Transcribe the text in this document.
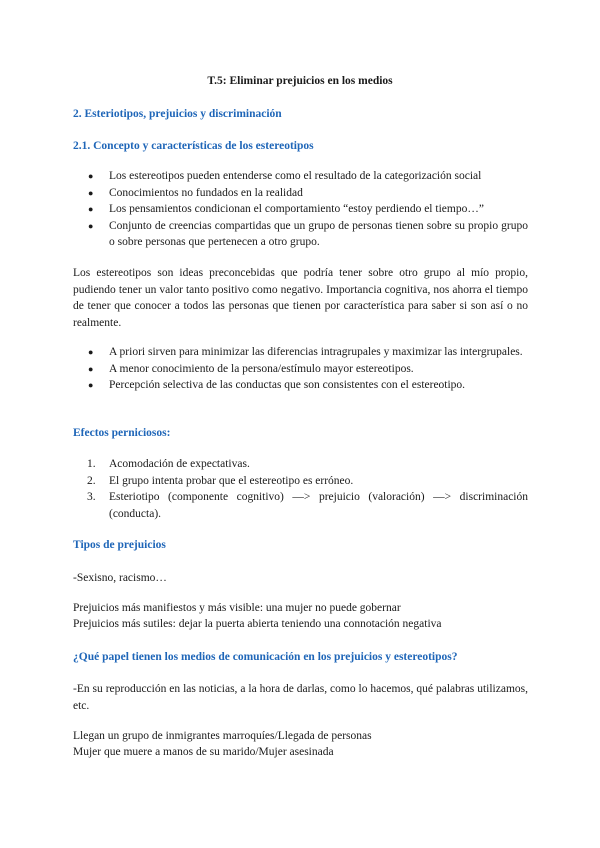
T.5: Eliminar prejuicios en los medios

2. Esteriotipos, prejuicios y discriminación

2.1. Concepto y características de los estereotipos

● Los estereotipos pueden entenderse como el resultado de la categorización social
● Conocimientos no fundados en la realidad
● Los pensamientos condicionan el comportamiento “estoy perdiendo el tiempo…”
● Conjunto de creencias compartidas que un grupo de personas tienen sobre su propio grupo o sobre personas que pertenecen a otro grupo.

Los estereotipos son ideas preconcebidas que podría tener sobre otro grupo al mío propio, pudiendo tener un valor tanto positivo como negativo. Importancia cognitiva, nos ahorra el tiempo de tener que conocer a todos las personas que tienen por característica para saber si son así o no realmente.

● A priori sirven para minimizar las diferencias intragrupales y maximizar las intergrupales.
● A menor conocimiento de la persona/estímulo mayor estereotipos.
● Percepción selectiva de las conductas que son consistentes con el estereotipo.

Efectos perniciosos:

1. Acomodación de expectativas.
2. El grupo intenta probar que el estereotipo es erróneo.
3. Esteriotipo (componente cognitivo) —> prejuicio (valoración) —> discriminación (conducta).

Tipos de prejuicios

-Sexisno, racismo…

Prejuicios más manifiestos y más visible: una mujer no puede gobernar

Prejuicios más sutiles: dejar la puerta abierta teniendo una connotación negativa

¿Qué papel tienen los medios de comunicación en los prejuicios y estereotipos?

-En su reproducción en las noticias, a la hora de darlas, como lo hacemos, qué palabras utilizamos, etc.

Llegan un grupo de inmigrantes marroquíes/Llegada de personas

Mujer que muere a manos de su marido/Mujer asesinada
